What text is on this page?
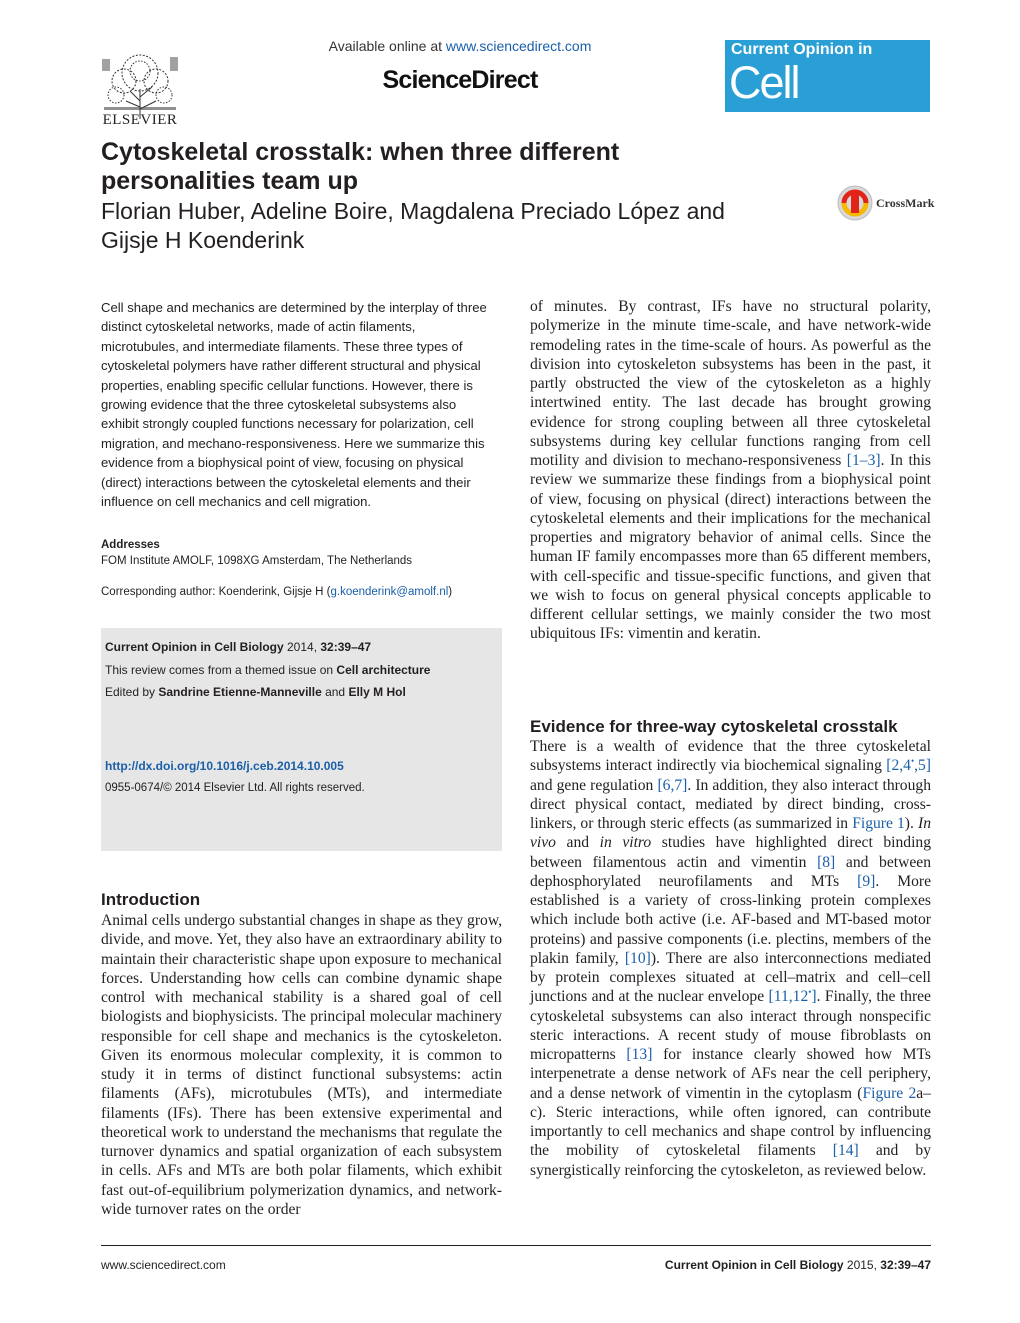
ELSEVIER
Available online at www.sciencedirect.com
ScienceDirect
Current Opinion in
Cell Biology
Cytoskeletal crosstalk: when three different
personalities team up
Florian Huber, Adeline Boire, Magdalena Preciado López and
Gijsje H Koenderink
CrossMark
Cell shape and mechanics are determined by the interplay of three distinct cytoskeletal networks, made of actin filaments, microtubules, and intermediate filaments. These three types of cytoskeletal polymers have rather different structural and physical properties, enabling specific cellular functions. However, there is growing evidence that the three cytoskeletal subsystems also exhibit strongly coupled functions necessary for polarization, cell migration, and mechano-responsiveness. Here we summarize this evidence from a biophysical point of view, focusing on physical (direct) interactions between the cytoskeletal elements and their influence on cell mechanics and cell migration.
Addresses
FOM Institute AMOLF, 1098XG Amsterdam, The Netherlands
Corresponding author: Koenderink, Gijsje H (g.koenderink@amolf.nl)
Current Opinion in Cell Biology 2014, 32:39–47
This review comes from a themed issue on Cell architecture
Edited by Sandrine Etienne-Manneville and Elly M Hol
http://dx.doi.org/10.1016/j.ceb.2014.10.005
0955-0674/© 2014 Elsevier Ltd. All rights reserved.
Introduction
Animal cells undergo substantial changes in shape as they grow, divide, and move. Yet, they also have an extraordinary ability to maintain their characteristic shape upon exposure to mechanical forces. Understanding how cells can combine dynamic shape control with mechanical stability is a shared goal of cell biologists and biophysicists. The principal molecular machinery responsible for cell shape and mechanics is the cytoskeleton. Given its enormous molecular complexity, it is common to study it in terms of distinct functional subsystems: actin filaments (AFs), microtubules (MTs), and intermediate filaments (IFs). There has been extensive experimental and theoretical work to understand the mechanisms that regulate the turnover dynamics and spatial organization of each subsystem in cells. AFs and MTs are both polar filaments, which exhibit fast out-of-equilibrium polymerization dynamics, and network-wide turnover rates on the order
of minutes. By contrast, IFs have no structural polarity, polymerize in the minute time-scale, and have network-wide remodeling rates in the time-scale of hours. As powerful as the division into cytoskeleton subsystems has been in the past, it partly obstructed the view of the cytoskeleton as a highly intertwined entity. The last decade has brought growing evidence for strong coupling between all three cytoskeletal subsystems during key cellular functions ranging from cell motility and division to mechano-responsiveness [1–3]. In this review we summarize these findings from a biophysical point of view, focusing on physical (direct) interactions between the cytoskeletal elements and their implications for the mechanical properties and migratory behavior of animal cells. Since the human IF family encompasses more than 65 different members, with cell-specific and tissue-specific functions, and given that we wish to focus on general physical concepts applicable to different cellular settings, we mainly consider the two most ubiquitous IFs: vimentin and keratin.
Evidence for three-way cytoskeletal crosstalk
There is a wealth of evidence that the three cytoskeletal subsystems interact indirectly via biochemical signaling [2,4•,5] and gene regulation [6,7]. In addition, they also interact through direct physical contact, mediated by direct binding, cross-linkers, or through steric effects (as summarized in Figure 1). In vivo and in vitro studies have highlighted direct binding between filamentous actin and vimentin [8] and between dephosphorylated neurofilaments and MTs [9]. More established is a variety of cross-linking protein complexes which include both active (i.e. AF-based and MT-based motor proteins) and passive components (i.e. plectins, members of the plakin family, [10]). There are also interconnections mediated by protein complexes situated at cell–matrix and cell–cell junctions and at the nuclear envelope [11,12•]. Finally, the three cytoskeletal subsystems can also interact through nonspecific steric interactions. A recent study of mouse fibroblasts on micropatterns [13] for instance clearly showed how MTs interpenetrate a dense network of AFs near the cell periphery, and a dense network of vimentin in the cytoplasm (Figure 2a–c). Steric interactions, while often ignored, can contribute importantly to cell mechanics and shape control by influencing the mobility of cytoskeletal filaments [14] and by synergistically reinforcing the cytoskeleton, as reviewed below.
www.sciencedirect.com	Current Opinion in Cell Biology 2015, 32:39–47
